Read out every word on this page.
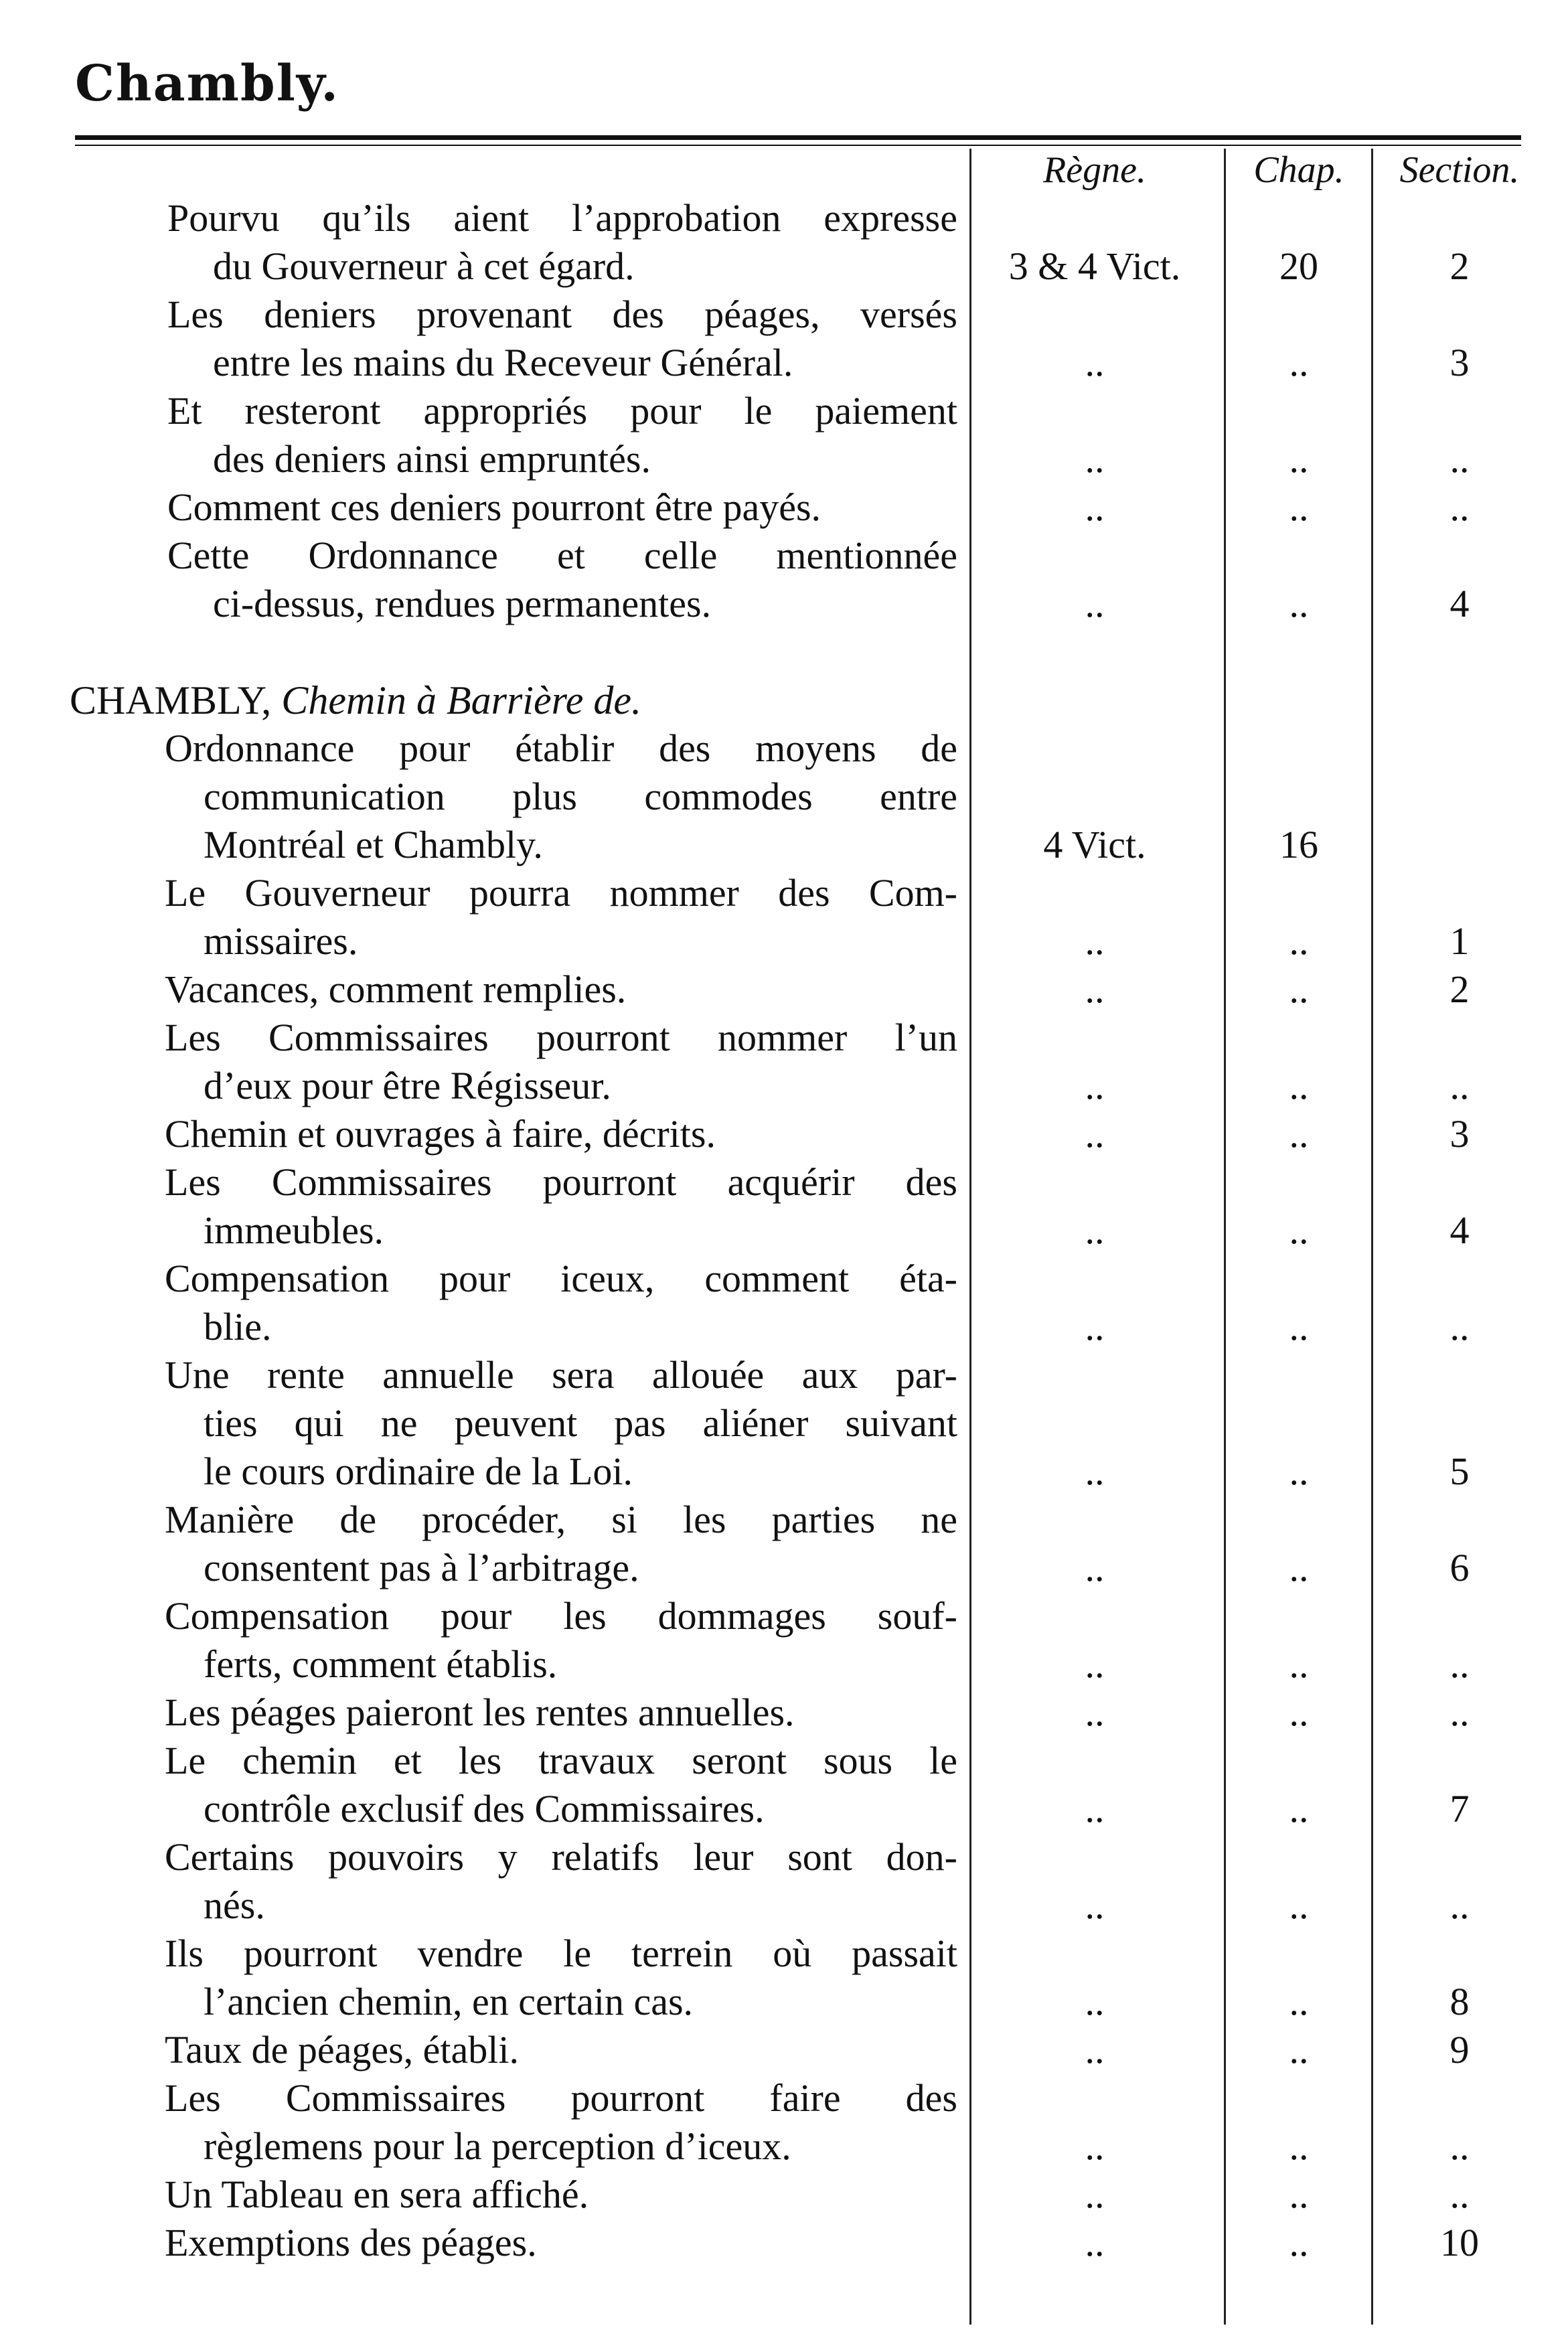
Chambly.
Règne.	Chap.	Section.
CHAMBLY, Chemin à Barrière de.
Pourvu qu’ils aient l’approbation expresse
du Gouverneur à cet égard.	3 & 4 Vict.	20	2
Les deniers provenant des péages, versés
entre les mains du Receveur Général.	..	..	3
Et resteront appropriés pour le paiement
des deniers ainsi empruntés.	..	..	..
Comment ces deniers pourront être payés.	..	..	..
Cette Ordonnance et celle mentionnée
ci-dessus, rendues permanentes.	..	..	4
Ordonnance pour établir des moyens de
communication plus commodes entre
Montréal et Chambly.	4 Vict.	16
Le Gouverneur pourra nommer des Com-
missaires.	..	..	1
Vacances, comment remplies.	..	..	2
Les Commissaires pourront nommer l’un
d’eux pour être Régisseur.	..	..	..
Chemin et ouvrages à faire, décrits.	..	..	3
Les Commissaires pourront acquérir des
immeubles.	..	..	4
Compensation pour iceux, comment éta-
blie.	..	..	..
Une rente annuelle sera allouée aux par-
ties qui ne peuvent pas aliéner suivant
le cours ordinaire de la Loi.	..	..	5
Manière de procéder, si les parties ne
consentent pas à l’arbitrage.	..	..	6
Compensation pour les dommages souf-
ferts, comment établis.	..	..	..
Les péages paieront les rentes annuelles.	..	..	..
Le chemin et les travaux seront sous le
contrôle exclusif des Commissaires.	..	..	7
Certains pouvoirs y relatifs leur sont don-
nés.	..	..	..
Ils pourront vendre le terrein où passait
l’ancien chemin, en certain cas.	..	..	8
Taux de péages, établi.	..	..	9
Les Commissaires pourront faire des
règlemens pour la perception d’iceux.	..	..	..
Un Tableau en sera affiché.	..	..	..
Exemptions des péages.	..	..	10
